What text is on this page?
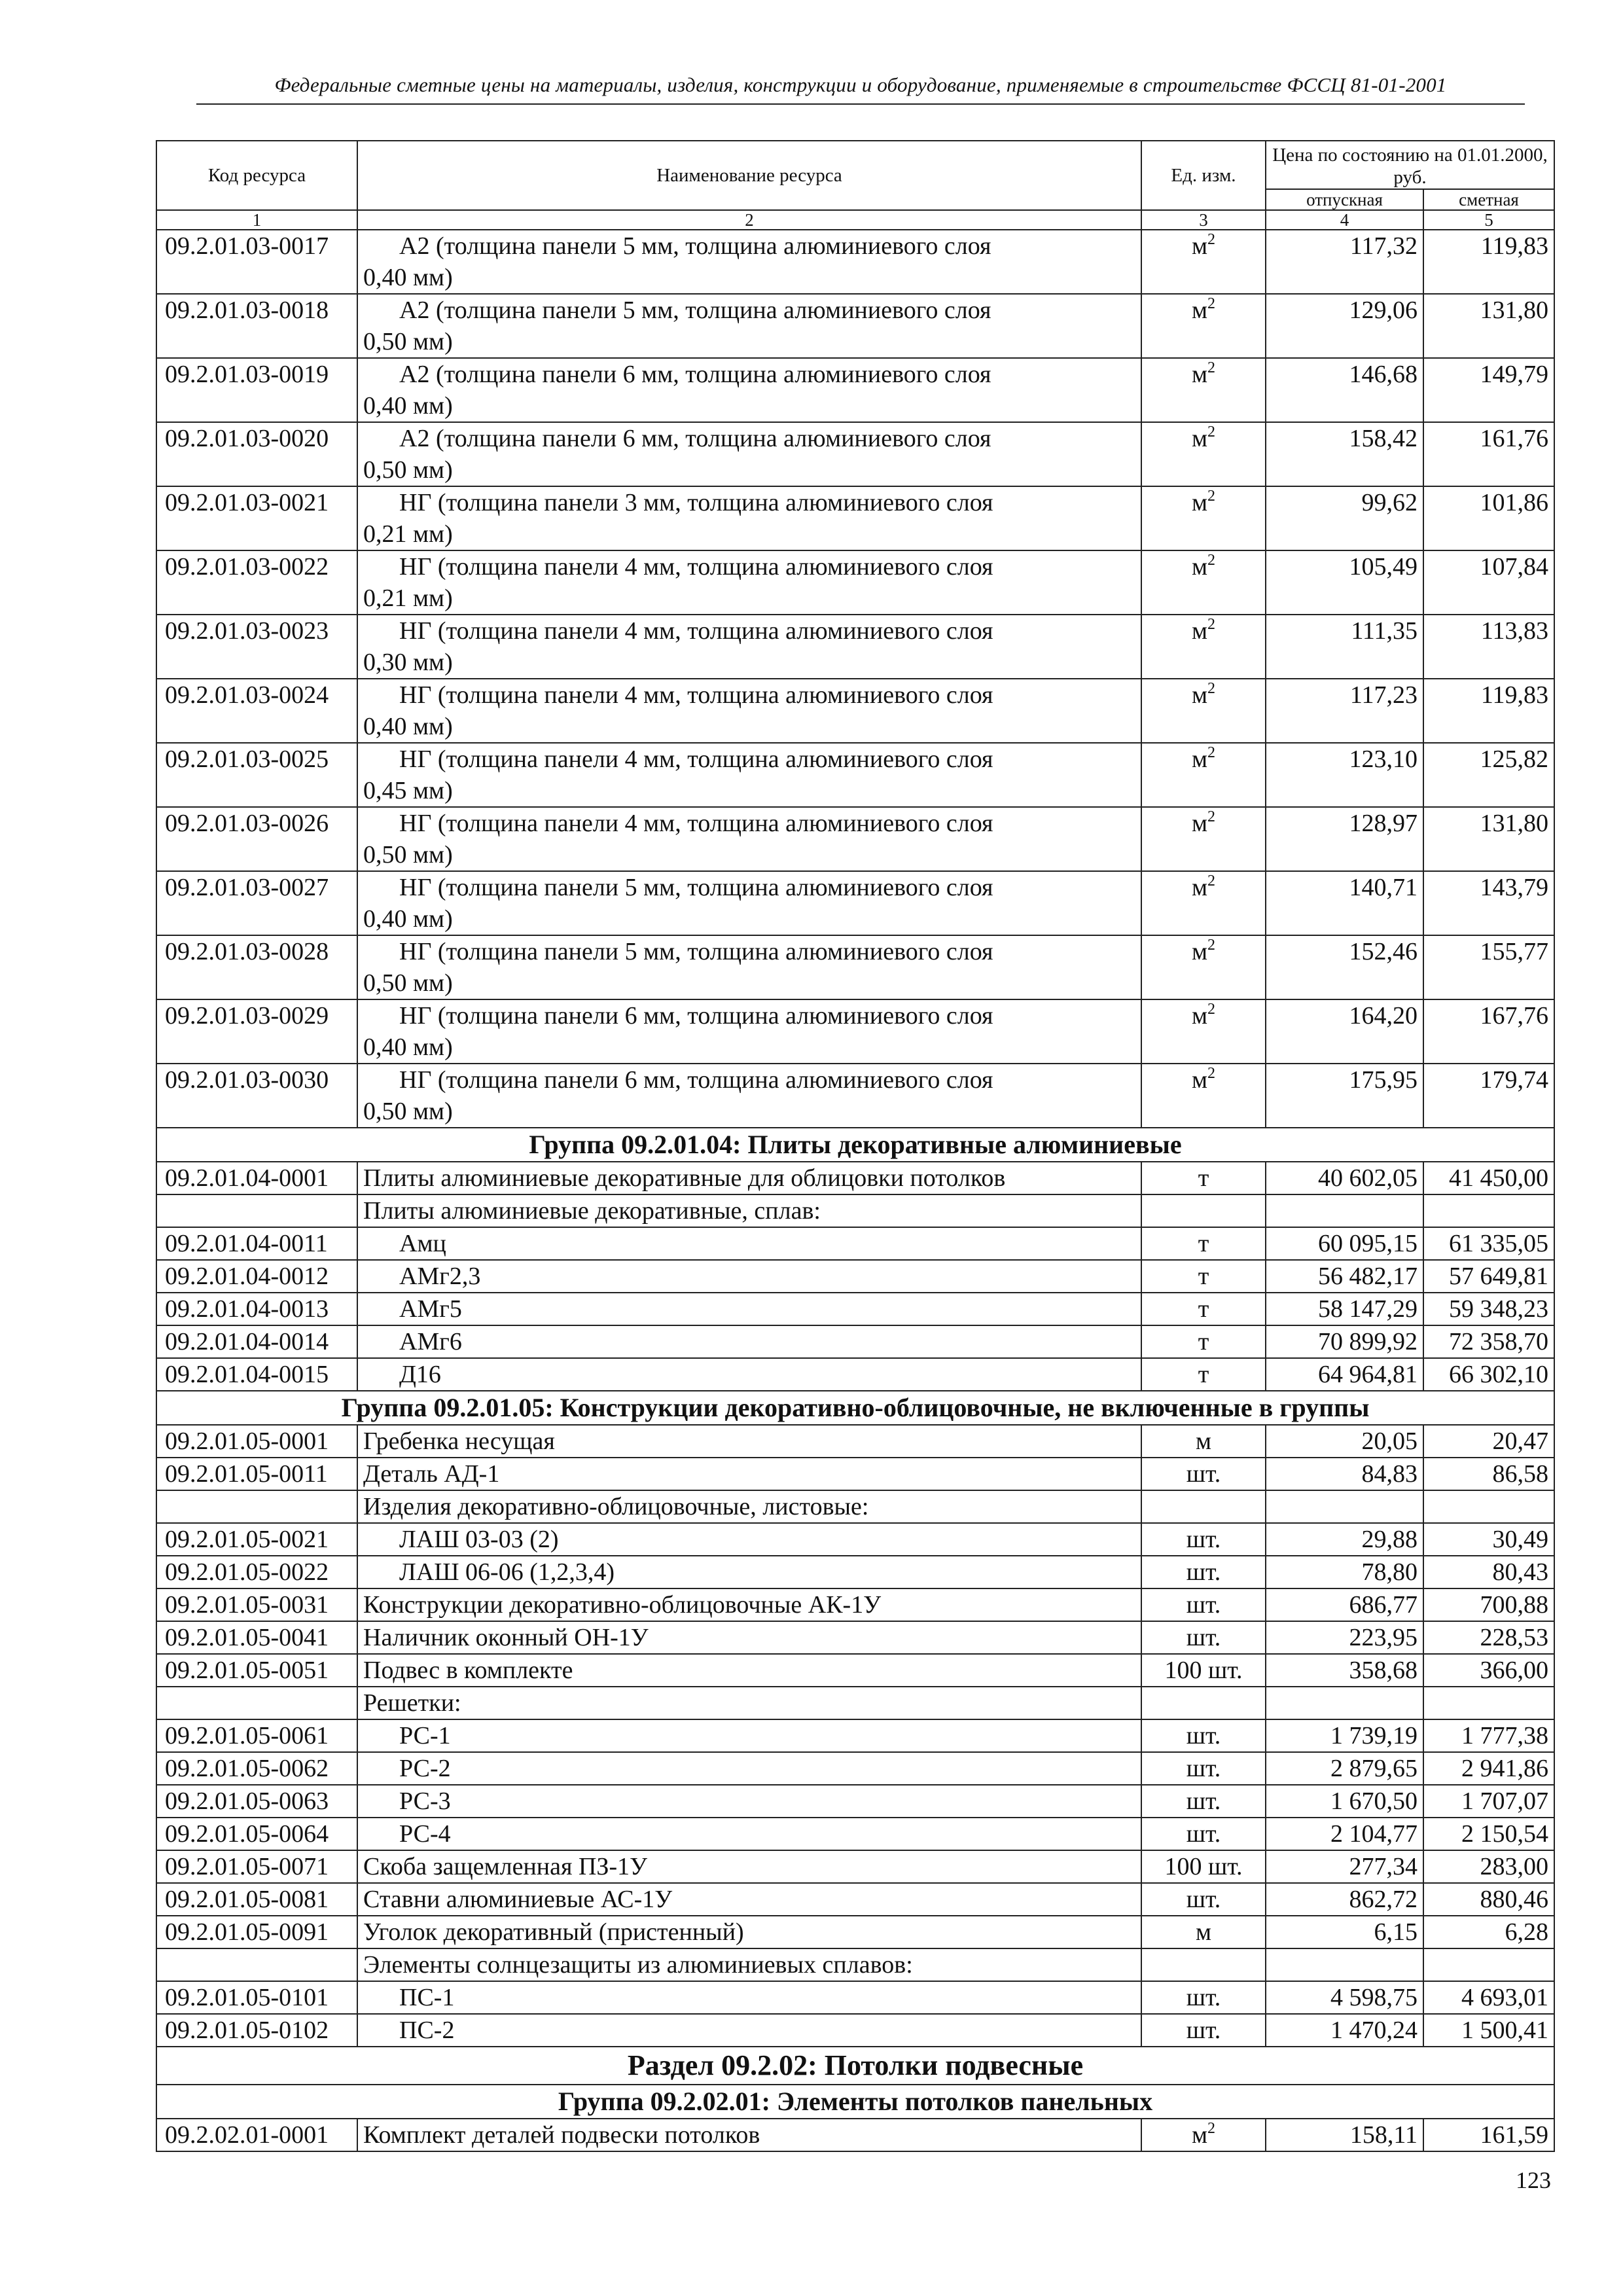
Федеральные сметные цены на материалы, изделия, конструкции и оборудование, применяемые в строительстве ФССЦ 81-01-2001
Код ресурса	Наименование ресурса	Ед. изм.	Цена по состоянию на 01.01.2000, руб.	
			отпускная	сметная
1	2	3	4	5
09.2.01.03-0017	А2 (толщина панели 5 мм, толщина алюминиевого слоя
0,40 мм)	$м^2$	117,32	119,83
09.2.01.03-0018	А2 (толщина панели 5 мм, толщина алюминиевого слоя
0,50 мм)	$м^2$	129,06	131,80
09.2.01.03-0019	А2 (толщина панели 6 мм, толщина алюминиевого слоя
0,40 мм)	$м^2$	146,68	149,79
09.2.01.03-0020	А2 (толщина панели 6 мм, толщина алюминиевого слоя
0,50 мм)	$м^2$	158,42	161,76
09.2.01.03-0021	НГ (толщина панели 3 мм, толщина алюминиевого слоя
0,21 мм)	$м^2$	99,62	101,86
09.2.01.03-0022	НГ (толщина панели 4 мм, толщина алюминиевого слоя
0,21 мм)	$м^2$	105,49	107,84
09.2.01.03-0023	НГ (толщина панели 4 мм, толщина алюминиевого слоя
0,30 мм)	$м^2$	111,35	113,83
09.2.01.03-0024	НГ (толщина панели 4 мм, толщина алюминиевого слоя
0,40 мм)	$м^2$	117,23	119,83
09.2.01.03-0025	НГ (толщина панели 4 мм, толщина алюминиевого слоя
0,45 мм)	$м^2$	123,10	125,82
09.2.01.03-0026	НГ (толщина панели 4 мм, толщина алюминиевого слоя
0,50 мм)	$м^2$	128,97	131,80
09.2.01.03-0027	НГ (толщина панели 5 мм, толщина алюминиевого слоя
0,40 мм)	$м^2$	140,71	143,79
09.2.01.03-0028	НГ (толщина панели 5 мм, толщина алюминиевого слоя
0,50 мм)	$м^2$	152,46	155,77
09.2.01.03-0029	НГ (толщина панели 6 мм, толщина алюминиевого слоя
0,40 мм)	$м^2$	164,20	167,76
09.2.01.03-0030	НГ (толщина панели 6 мм, толщина алюминиевого слоя
0,50 мм)	$м^2$	175,95	179,74
Группа 09.2.01.04: Плиты декоративные алюминиевые				
09.2.01.04-0001	Плиты алюминиевые декоративные для облицовки потолков	т	40 602,05	41 450,00

	Плиты алюминиевые декоративные, сплав:			

09.2.01.04-0011	Амц	т	60 095,15	61 335,05
09.2.01.04-0012	АМг2,3	т	56 482,17	57 649,81
09.2.01.04-0013	АМг5	т	58 147,29	59 348,23
09.2.01.04-0014	АМг6	т	70 899,92	72 358,70
09.2.01.04-0015	Д16	т	64 964,81	66 302,10
Группа 09.2.01.05: Конструкции декоративно-облицовочные, не включенные в группы				
09.2.01.05-0001	Гребенка несущая	м	20,05	20,47
09.2.01.05-0011	Деталь АД-1	шт.	84,83	86,58

	Изделия декоративно-облицовочные, листовые:			

09.2.01.05-0021	ЛАШ 03-03 (2)	шт.	29,88	30,49
09.2.01.05-0022	ЛАШ 06-06 (1,2,3,4)	шт.	78,80	80,43
09.2.01.05-0031	Конструкции декоративно-облицовочные АК-1У	шт.	686,77	700,88
09.2.01.05-0041	Наличник оконный ОН-1У	шт.	223,95	228,53
09.2.01.05-0051	Подвес в комплекте	100 шт.	358,68	366,00

	Решетки:			

09.2.01.05-0061	РС-1	шт.	1 739,19	1 777,38
09.2.01.05-0062	РС-2	шт.	2 879,65	2 941,86
09.2.01.05-0063	РС-3	шт.	1 670,50	1 707,07
09.2.01.05-0064	РС-4	шт.	2 104,77	2 150,54
09.2.01.05-0071	Скоба защемленная ПЗ-1У	100 шт.	277,34	283,00
09.2.01.05-0081	Ставни алюминиевые АС-1У	шт.	862,72	880,46
09.2.01.05-0091	Уголок декоративный (пристенный)	м	6,15	6,28

	Элементы солнцезащиты из алюминиевых сплавов:			

09.2.01.05-0101	ПС-1	шт.	4 598,75	4 693,01
09.2.01.05-0102	ПС-2	шт.	1 470,24	1 500,41
Раздел 09.2.02: Потолки подвесные				
Группа 09.2.02.01: Элементы потолков панельных				
09.2.02.01-0001	Комплект деталей подвески потолков	$м^2$	158,11	161,59
123
